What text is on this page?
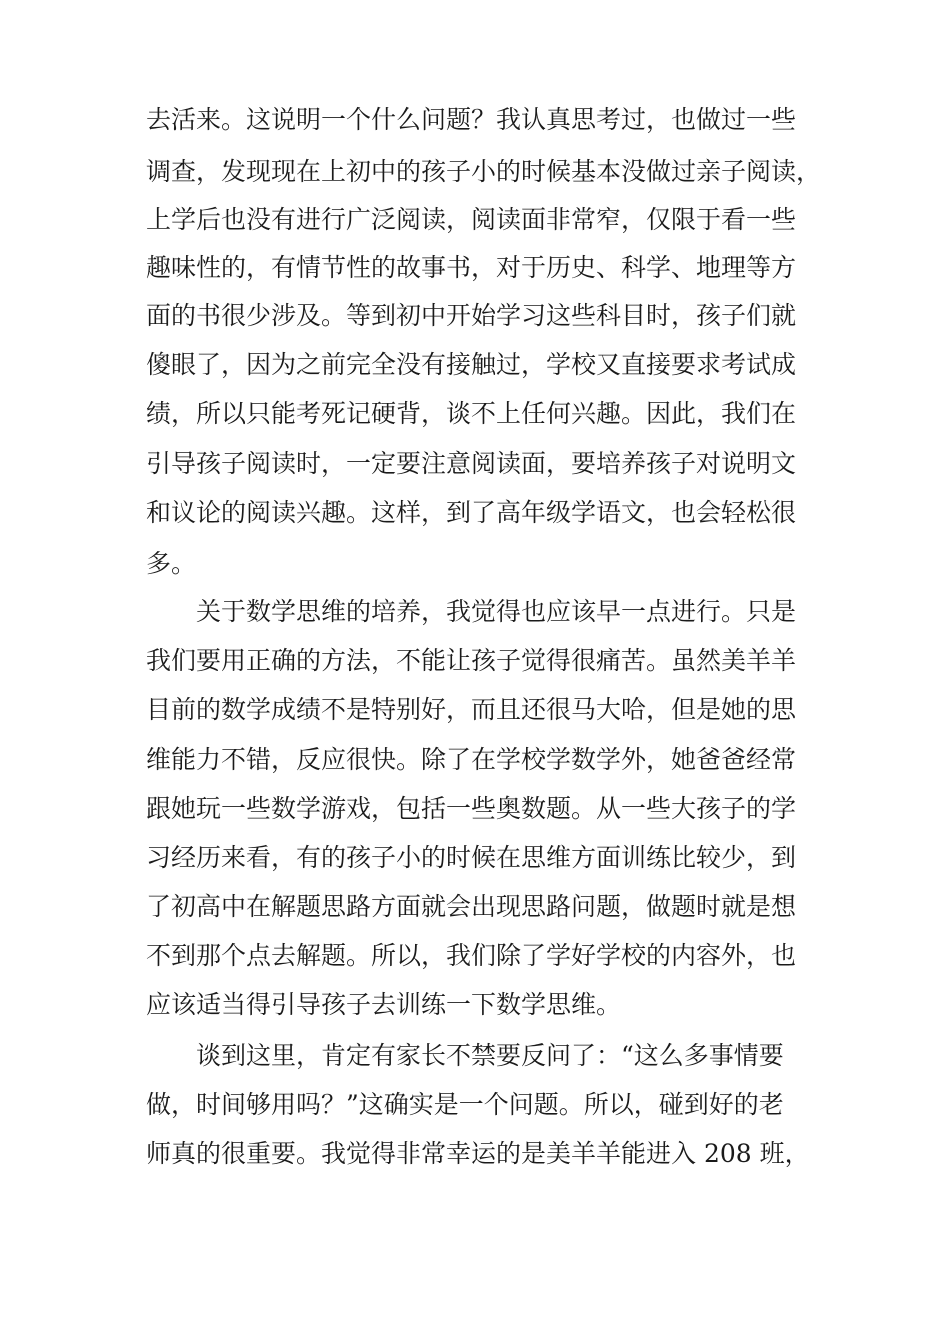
去活来。这说明一个什么问题？我认真思考过，也做过一些
调查，发现现在上初中的孩子小的时候基本没做过亲子阅读，
上学后也没有进行广泛阅读，阅读面非常窄，仅限于看一些
趣味性的，有情节性的故事书，对于历史、科学、地理等方
面的书很少涉及。等到初中开始学习这些科目时，孩子们就
傻眼了，因为之前完全没有接触过，学校又直接要求考试成
绩，所以只能考死记硬背，谈不上任何兴趣。因此，我们在
引导孩子阅读时，一定要注意阅读面，要培养孩子对说明文
和议论的阅读兴趣。这样，到了高年级学语文，也会轻松很
多。
关于数学思维的培养，我觉得也应该早一点进行。只是
我们要用正确的方法，不能让孩子觉得很痛苦。虽然美羊羊
目前的数学成绩不是特别好，而且还很马大哈，但是她的思
维能力不错，反应很快。除了在学校学数学外，她爸爸经常
跟她玩一些数学游戏，包括一些奥数题。从一些大孩子的学
习经历来看，有的孩子小的时候在思维方面训练比较少，到
了初高中在解题思路方面就会出现思路问题，做题时就是想
不到那个点去解题。所以，我们除了学好学校的内容外，也
应该适当得引导孩子去训练一下数学思维。
谈到这里，肯定有家长不禁要反问了：“这么多事情要
做，时间够用吗？”这确实是一个问题。所以，碰到好的老
师真的很重要。我觉得非常幸运的是美羊羊能进入 208 班，
